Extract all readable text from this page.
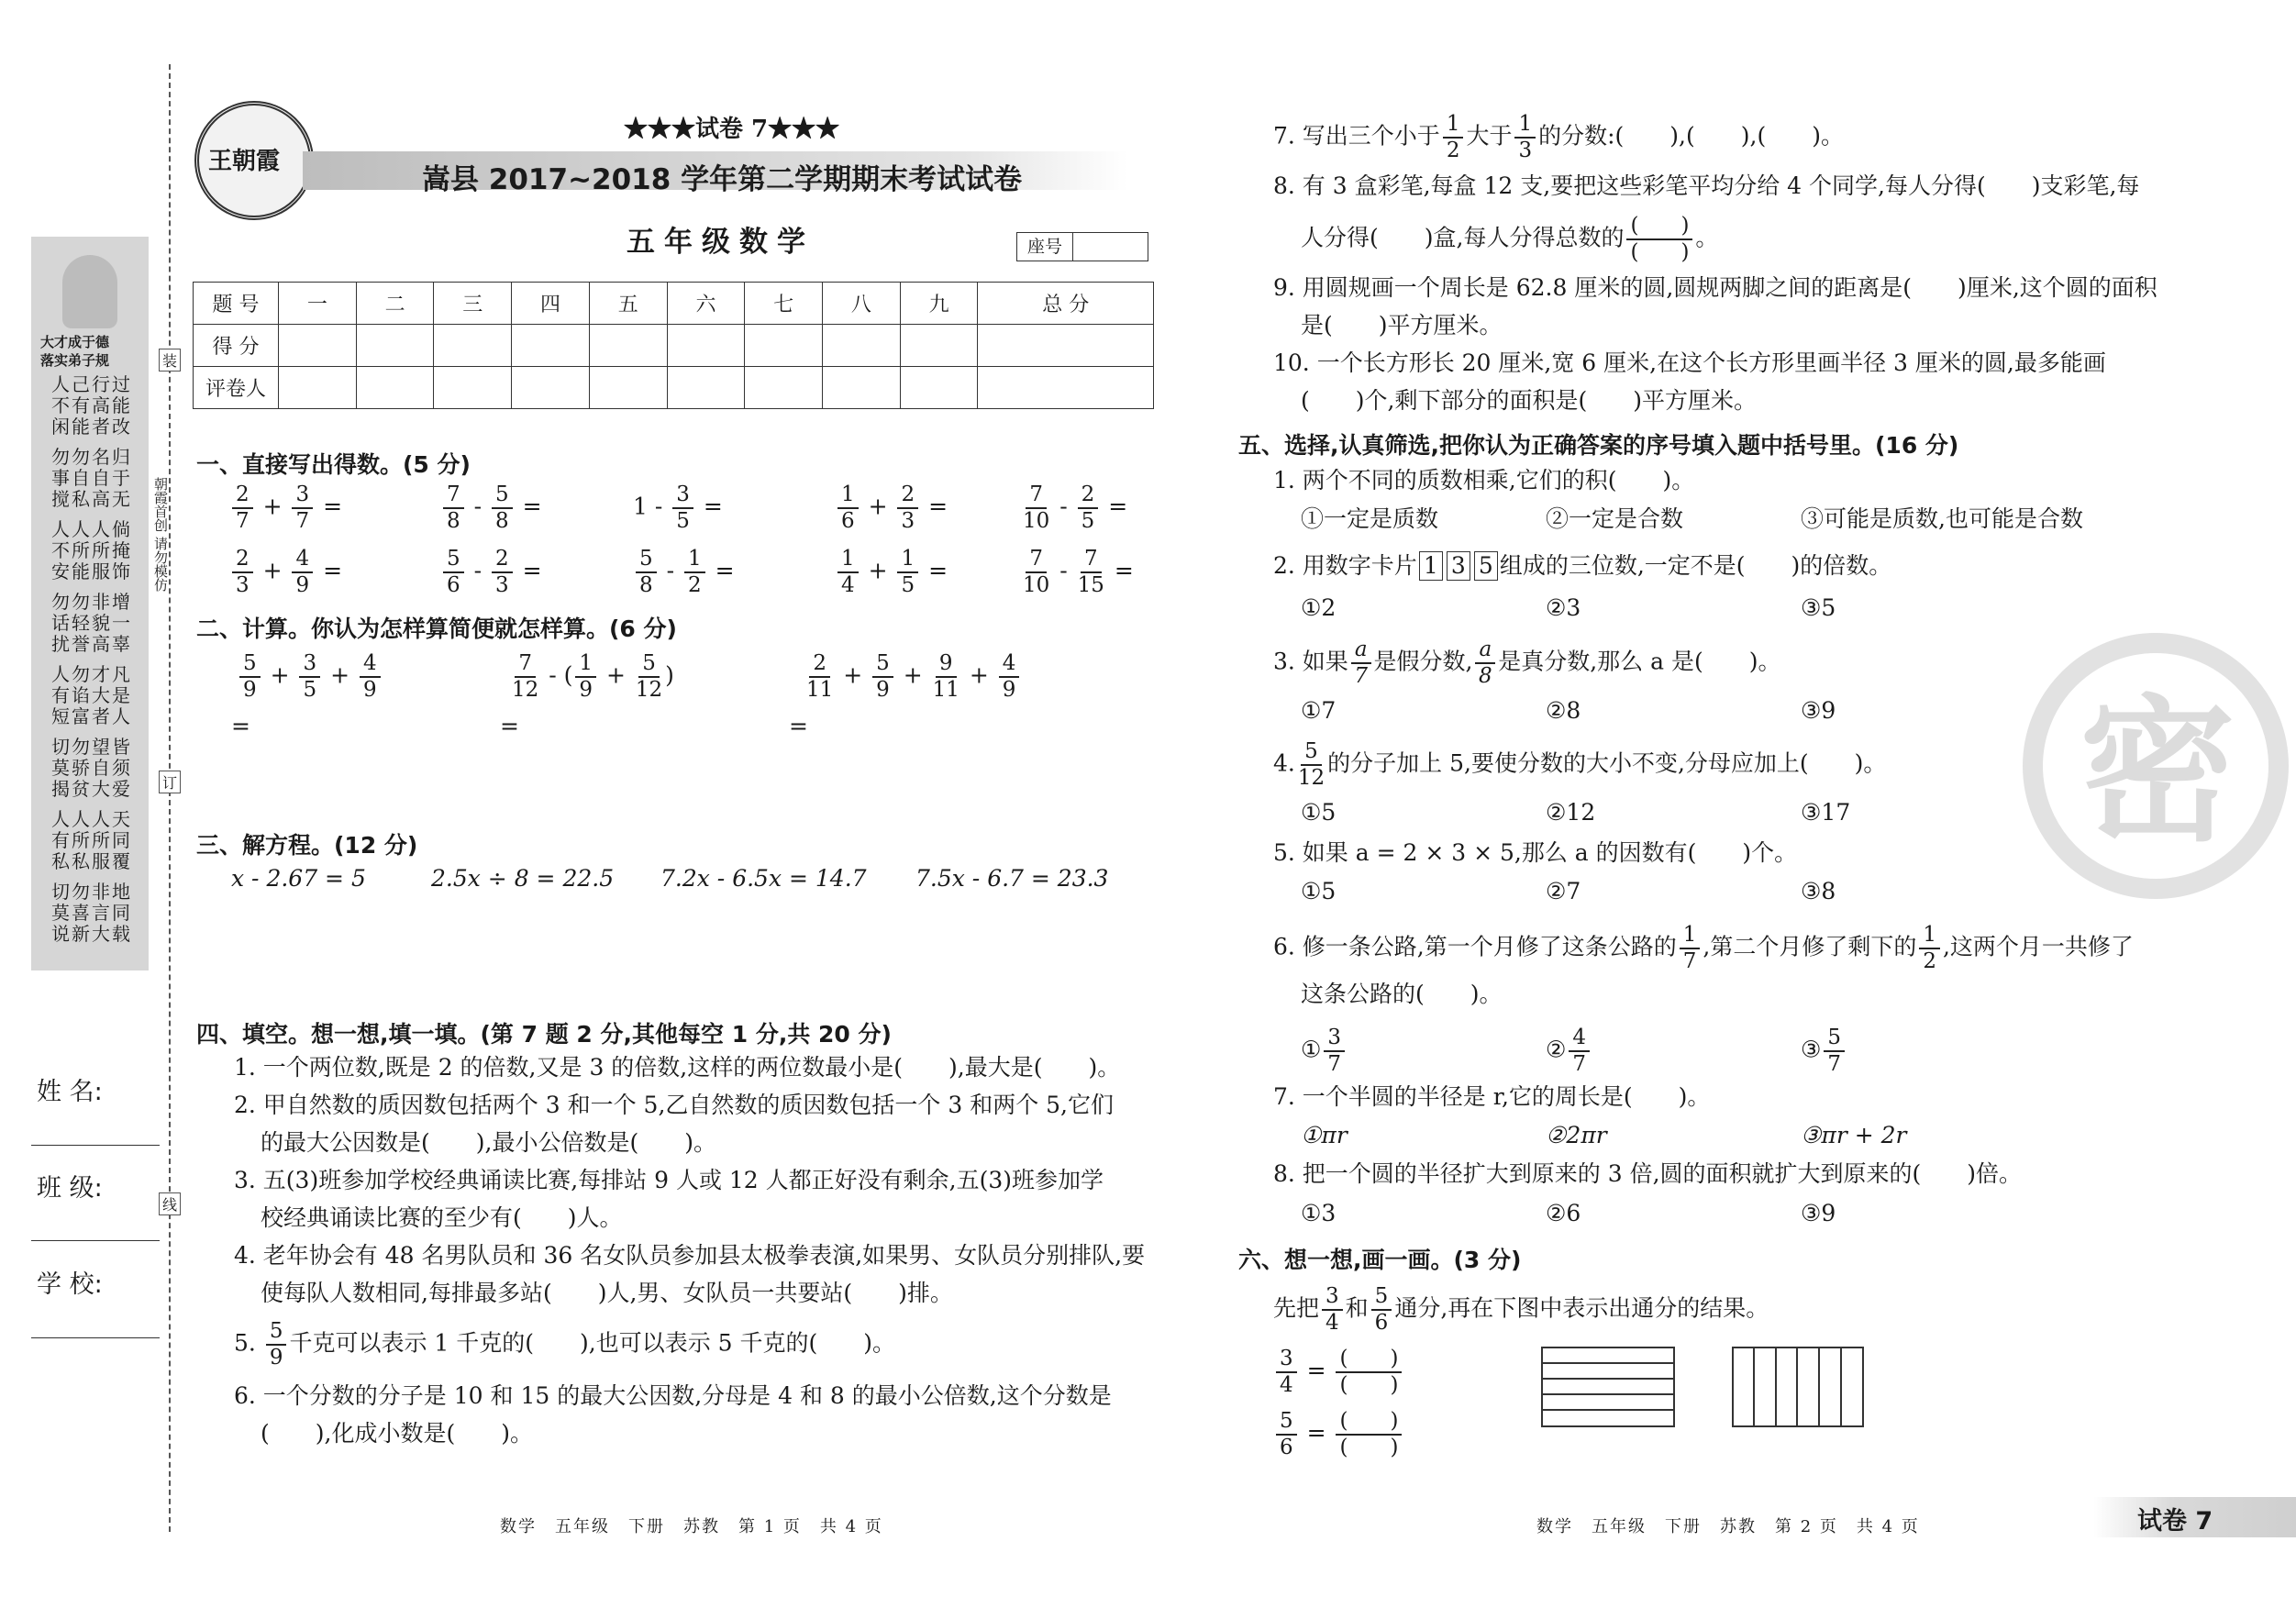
装
订
线
朝霞首创 请勿模仿
大才成于德
落实弟子规
人己行过
不有高能
闲能者改
勿勿名归
事自自于
搅私高无
人人人倘
不所所掩
安能服饰
勿勿非增
话轻貌一
扰誉高辜
人勿才凡
有谄大是
短富者人
切勿望皆
莫骄自须
揭贫大爱
人人人天
有所所同
私私服覆
切勿非地
莫喜言同
说新大载
姓 名:
班 级:
学 校:
王朝霞
★★★试卷 7★★★
嵩县 2017~2018 学年第二学期期末考试试卷
五年级数学	座号
题 号	一	二	三	四	五	六	七	八	九	总 分
得 分										
评卷人										
一、直接写出得数。(5 分)
$\frac{2}{7} + \frac{3}{7}$ =	$\frac{7}{8} - \frac{5}{8}$ =	$1 - \frac{3}{5}$ =	$\frac{1}{6} + \frac{2}{3}$ =	$\frac{7}{10} - \frac{2}{5}$ =
$\frac{2}{3} + \frac{4}{9}$ =	$\frac{5}{6} - \frac{2}{3}$ =	$\frac{5}{8} - \frac{1}{2}$ =	$\frac{1}{4} + \frac{1}{5}$ =	$\frac{7}{10} - \frac{7}{15}$ =
二、计算。你认为怎样算简便就怎样算。(6 分)
$\frac{5}{9} + \frac{3}{5} + \frac{4}{9}$	$\frac{7}{12}$ - ( $\frac{1}{9} + \frac{5}{12}$ )	$\frac{2}{11} + \frac{5}{9} + \frac{9}{11} + \frac{4}{9}$
=	=	=
三、解方程。(12 分)
x - 2.67 = 5	2.5x ÷ 8 = 22.5 7.2x - 6.5x = 14.7 7.5x - 6.7 = 23.3
四、填空。想一想,填一填。(第 7 题 2 分,其他每空 1 分,共 20 分)
1. 一个两位数,既是 2 的倍数,又是 3 的倍数,这样的两位数最小是(　　),最大是(　　)。
2. 甲自然数的质因数包括两个 3 和一个 5,乙自然数的质因数包括一个 3 和两个 5,它们
的最大公因数是(　　),最小公倍数是(　　)。
3. 五(3)班参加学校经典诵读比赛,每排站 9 人或 12 人都正好没有剩余,五(3)班参加学
校经典诵读比赛的至少有(　　)人。
4. 老年协会有 48 名男队员和 36 名女队员参加县太极拳表演,如果男、女队员分别排队,要
使每队人数相同,每排最多站(　　)人,男、女队员一共要站(　　)排。
5. $\frac{5}{9}$ 千克可以表示 1 千克的(　　),也可以表示 5 千克的(　　)。
6. 一个分数的分子是 10 和 15 的最大公因数,分母是 4 和 8 的最小公倍数,这个分数是
(　　),化成小数是(　　)。
数学　五年级　下册　苏教　第 1 页　共 4 页
7. 写出三个小于 $\frac{1}{2}$ 大于 $\frac{1}{3}$ 的分数:(　　),(　　),(　　)。
8. 有 3 盒彩笔,每盒 12 支,要把这些彩笔平均分给 4 个同学,每人分得(　　)支彩笔,每
人分得(　　)盒,每人分得总数的 $\frac{( )}{( )}$ 。
9. 用圆规画一个周长是 62.8 厘米的圆,圆规两脚之间的距离是(　　)厘米,这个圆的面积
是(　　)平方厘米。
10. 一个长方形长 20 厘米,宽 6 厘米,在这个长方形里画半径 3 厘米的圆,最多能画
(　　)个,剩下部分的面积是(　　)平方厘米。
五、选择,认真筛选,把你认为正确答案的序号填入题中括号里。(16 分)
1. 两个不同的质数相乘,它们的积(　　)。
①一定是质数	②一定是合数	③可能是质数,也可能是合数
2. 用数字卡片 1 3 5 组成的三位数,一定不是(　　)的倍数。
①2	②3	③5
3. 如果 $\frac{a}{7}$ 是假分数, $\frac{a}{8}$ 是真分数,那么 a 是(　　)。
①7	②8	③9
4. $\frac{5}{12}$ 的分子加上 5,要使分数的大小不变,分母应加上(　　)。
①5	②12	③17
5. 如果 a = 2 × 3 × 5,那么 a 的因数有(　　)个。
①5	②7	③8
6. 修一条公路,第一个月修了这条公路的 $\frac{1}{7}$ ,第二个月修了剩下的 $\frac{1}{2}$ ,这两个月一共修了
这条公路的(　　)。
① $\frac{3}{7}$	② $\frac{4}{7}$	③ $\frac{5}{7}$
7. 一个半圆的半径是 r,它的周长是(　　)。
①πr	②2πr	③πr + 2r
8. 把一个圆的半径扩大到原来的 3 倍,圆的面积就扩大到原来的(　　)倍。
①3	②6	③9
六、想一想,画一画。(3 分)
先把 $\frac{3}{4}$ 和 $\frac{5}{6}$ 通分,再在下图中表示出通分的结果。
$\frac{3}{4} = \frac{( )}{( )}$
$\frac{5}{6} = \frac{( )}{( )}$
密
数学　五年级　下册　苏教　第 2 页　共 4 页	试卷 7
